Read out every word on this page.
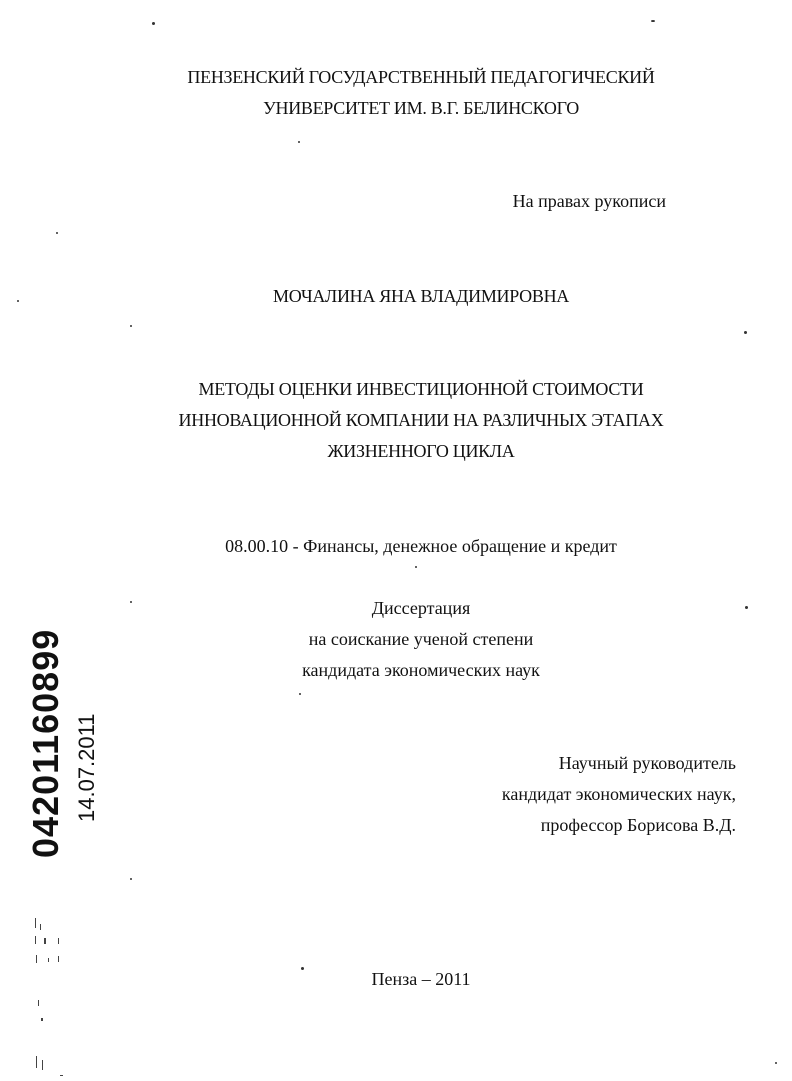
ПЕНЗЕНСКИЙ ГОСУДАРСТВЕННЫЙ ПЕДАГОГИЧЕСКИЙ
УНИВЕРСИТЕТ ИМ. В.Г. БЕЛИНСКОГО
На правах рукописи
МОЧАЛИНА ЯНА ВЛАДИМИРОВНА
МЕТОДЫ ОЦЕНКИ ИНВЕСТИЦИОННОЙ СТОИМОСТИ
ИННОВАЦИОННОЙ КОМПАНИИ НА РАЗЛИЧНЫХ ЭТАПАХ
ЖИЗНЕННОГО ЦИКЛА
08.00.10 - Финансы, денежное обращение и кредит
Диссертация
на соискание ученой степени
кандидата экономических наук
Научный руководитель
кандидат экономических наук,
профессор Борисова В.Д.
Пенза – 2011
04201160899 14.07.2011
